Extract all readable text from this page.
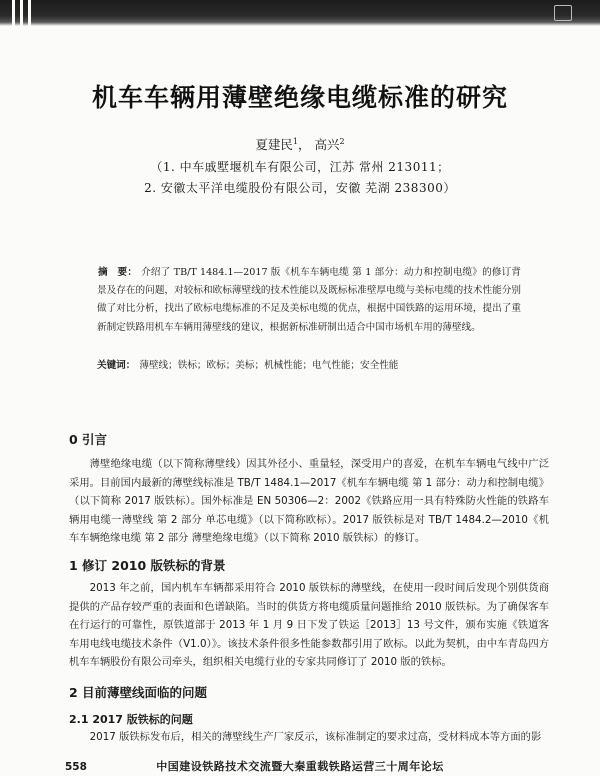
机车车辆用薄壁绝缘电缆标准的研究
夏建民$^1$， 高兴$^2$
（1. 中车戚墅堰机车有限公司，江苏 常州 213011；
2. 安徽太平洋电缆股份有限公司，安徽 芜湖 238300）
摘　要： 介绍了 TB/T 1484.1—2017 版《机车车辆电缆 第 1 部分：动力和控制电缆》的修订背景及存在的问题，对较标和欧标薄壁线的技术性能以及既标标准壁厚电缆与美标电缆的技术性能分别做了对比分析，找出了欧标电缆标准的不足及美标电缆的优点，根据中国铁路的运用环境，提出了重新制定铁路用机车车辆用薄壁线的建议，根据新标准研制出适合中国市场机车用的薄壁线。
关键词： 薄壁线；铁标；欧标；美标；机械性能；电气性能；安全性能
0 引言
薄壁绝缘电缆（以下简称薄壁线）因其外径小、重量轻，深受用户的喜爱，在机车车辆电气线中广泛采用。目前国内最新的薄壁线标准是 TB/T 1484.1—2017《机车车辆电缆 第 1 部分：动力和控制电缆》（以下简称 2017 版铁标）。国外标准是 EN 50306—2：2002《铁路应用一具有特殊防火性能的铁路车辆用电缆一薄壁线 第 2 部分 单芯电缆》（以下简称欧标）。2017 版铁标是对 TB/T 1484.2—2010《机车车辆绝缘电缆 第 2 部分 薄壁绝缘电缆》（以下简称 2010 版铁标）的修订。
1 修订 2010 版铁标的背景
2013 年之前，国内机车车辆都采用符合 2010 版铁标的薄壁线，在使用一段时间后发现个别供货商提供的产品存较严重的表面和色谱缺陷。当时的供货方将电缆质量问题推给 2010 版铁标。为了确保客车在行运行的可靠性，原铁道部于 2013 年 1 月 9 日下发了铁运［2013］13 号文件，颁布实施《铁道客车用电线电缆技术条件（V1.0）》。该技术条件很多性能参数都引用了欧标。以此为契机，由中车青岛四方机车车辆股份有限公司牵头，组织相关电缆行业的专家共同修订了 2010 版的铁标。
2 目前薄壁线面临的问题
2.1 2017 版铁标的问题
2017 版铁标发布后，相关的薄壁线生产厂家反示，该标准制定的要求过高，受材料成本等方面的影
558	中国建设铁路技术交流暨大秦重载铁路运营三十周年论坛
